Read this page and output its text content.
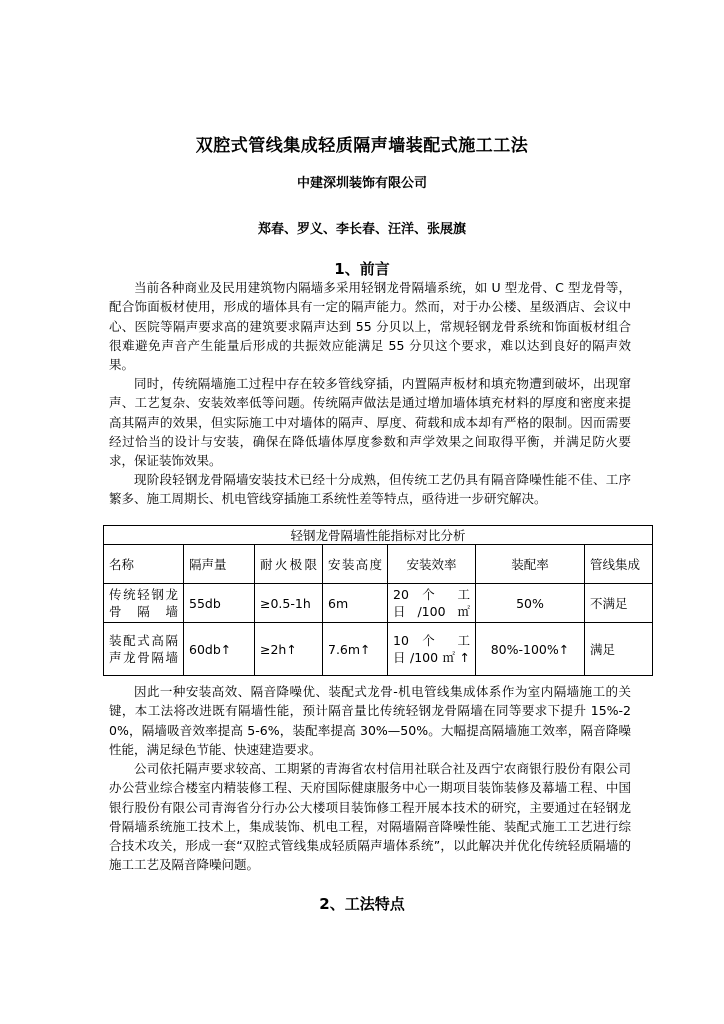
双腔式管线集成轻质隔声墙装配式施工工法
中建深圳装饰有限公司
郑春、罗义、李长春、汪洋、张展旗
1、前言

当前各种商业及民用建筑物内隔墙多采用轻钢龙骨隔墙系统，如 U 型龙骨、C 型龙骨等，配合饰面板材使用，形成的墙体具有一定的隔声能力。然而，对于办公楼、星级酒店、会议中心、医院等隔声要求高的建筑要求隔声达到 55 分贝以上，常规轻钢龙骨系统和饰面板材组合很难避免声音产生能量后形成的共振效应能满足 55 分贝这个要求，难以达到良好的隔声效果。

同时，传统隔墙施工过程中存在较多管线穿插，内置隔声板材和填充物遭到破坏，出现窜声、工艺复杂、安装效率低等问题。传统隔声做法是通过增加墙体填充材料的厚度和密度来提高其隔声的效果，但实际施工中对墙体的隔声、厚度、荷载和成本却有严格的限制。因而需要经过恰当的设计与安装，确保在降低墙体厚度参数和声学效果之间取得平衡，并满足防火要求，保证装饰效果。

现阶段轻钢龙骨隔墙安装技术已经十分成熟，但传统工艺仍具有隔音降噪性能不佳、工序繁多、施工周期长、机电管线穿插施工系统性差等特点，亟待进一步研究解决。

轻钢龙骨隔墙性能指标对比分析						
名称	隔声量	耐火极限	安装高度	安装效率	装配率	管线集成
传统轻钢龙骨隔墙	55db	≥0.5-1h	6m	20 个 工日/100㎡	50%	不满足
装配式高隔声龙骨隔墙	60db↑	≥2h↑	7.6m↑	10 个 工日/100㎡↑	80%-100%↑	满足

因此一种安装高效、隔音降噪优、装配式龙骨-机电管线集成体系作为室内隔墙施工的关键，本工法将改进既有隔墙性能，预计隔音量比传统轻钢龙骨隔墙在同等要求下提升 15%-20%，隔墙吸音效率提高 5-6%，装配率提高 30%—50%。大幅提高隔墙施工效率，隔音降噪性能，满足绿色节能、快速建造要求。

公司依托隔声要求较高、工期紧的青海省农村信用社联合社及西宁农商银行股份有限公司办公营业综合楼室内精装修工程、天府国际健康服务中心一期项目装饰装修及幕墙工程、中国银行股份有限公司青海省分行办公大楼项目装饰修工程开展本技术的研究，主要通过在轻钢龙骨隔墙系统施工技术上，集成装饰、机电工程，对隔墙隔音降噪性能、装配式施工工艺进行综合技术攻关，形成一套“双腔式管线集成轻质隔声墙体系统”，以此解决并优化传统轻质隔墙的施工工艺及隔音降噪问题。

2、工法特点
